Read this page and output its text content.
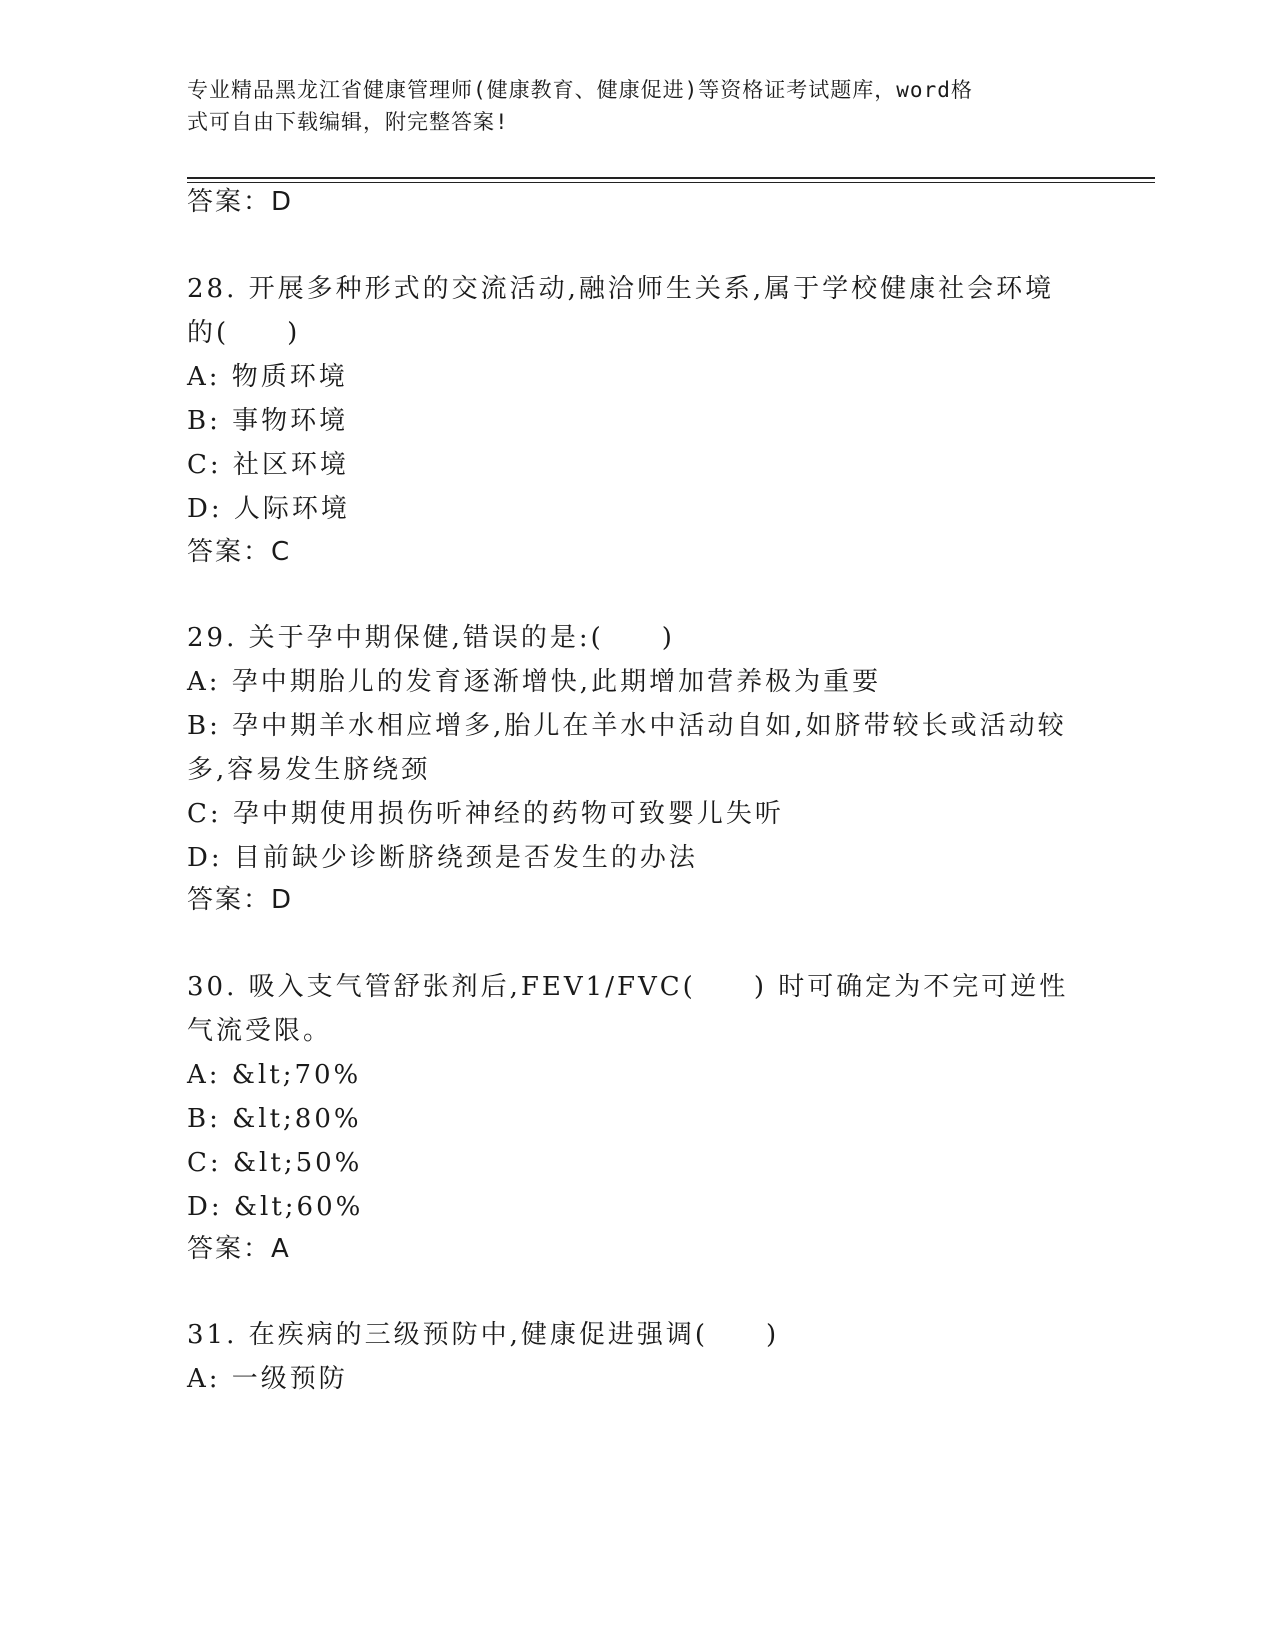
专业精品黑龙江省健康管理师(健康教育、健康促进)等资格证考试题库，word格
式可自由下载编辑，附完整答案!
答案：D
28. 开展多种形式的交流活动,融洽师生关系,属于学校健康社会环境
的(　　)
A: 物质环境
B: 事物环境
C: 社区环境
D: 人际环境
答案：C
29. 关于孕中期保健,错误的是:(　　)
A: 孕中期胎儿的发育逐渐增快,此期增加营养极为重要
B: 孕中期羊水相应增多,胎儿在羊水中活动自如,如脐带较长或活动较
多,容易发生脐绕颈
C: 孕中期使用损伤听神经的药物可致婴儿失听
D: 目前缺少诊断脐绕颈是否发生的办法
答案：D
30. 吸入支气管舒张剂后,FEV1/FVC(　　) 时可确定为不完可逆性
气流受限。
A: &lt;70%
B: &lt;80%
C: &lt;50%
D: &lt;60%
答案：A
31. 在疾病的三级预防中,健康促进强调(　　)
A: 一级预防
